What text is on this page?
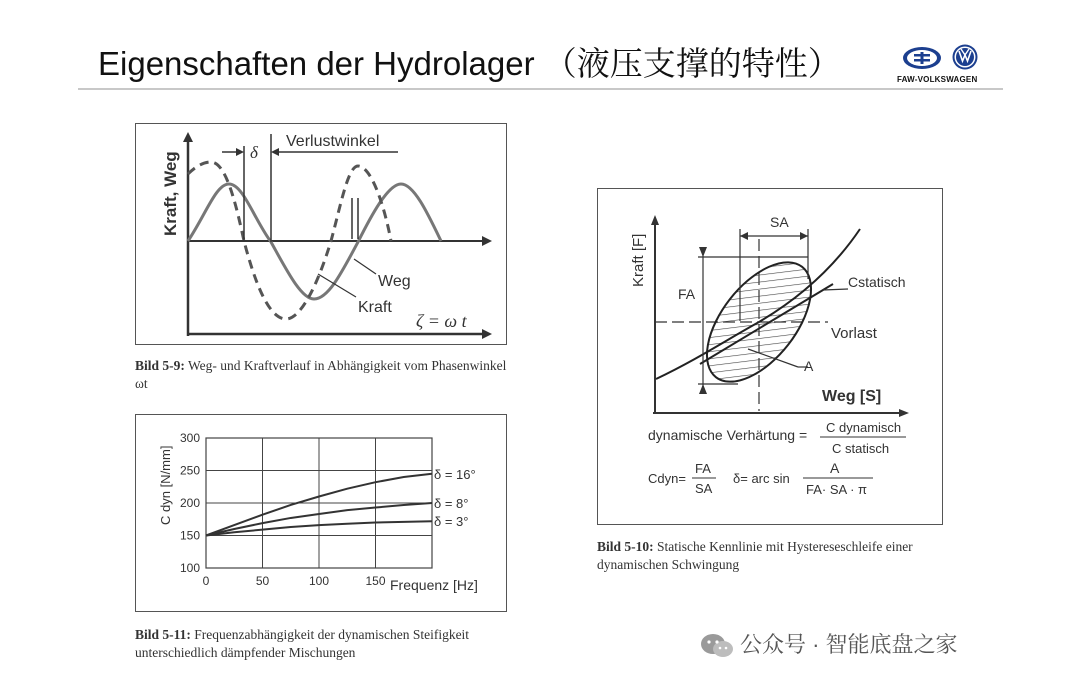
Eigenschaften der Hydrolager （液压支撑的特性）	FAW-VOLKSWAGEN
Kraft, Weg	δ
Verlustwinkel
Weg
Kraft
ζ = ω t
Bild 5-9: Weg- und Kraftverlauf in Abhängigkeit vom Phasenwinkel ωt
C dyn [N/mm]
Frequenz [Hz]
0	50	100	150
300
250
200
150
100
δ = 16°
δ = 8°
δ = 3°
Bild 5-11: Frequenzabhängigkeit der dynamischen Steifigkeit unterschiedlich dämpfender Mischungen
Kraft [F]
SA
FA
Cstatisch
Vorlast
A
Weg [S]
dynamische Verhärtung = C dynamisch
C statisch
Cdyn=
FA
SA
δ= arc sin
A
FA· SA · π
Bild 5-10: Statische Kennlinie mit Hystereseschleife einer dynamischen Schwingung
公众号 · 智能底盘之家
